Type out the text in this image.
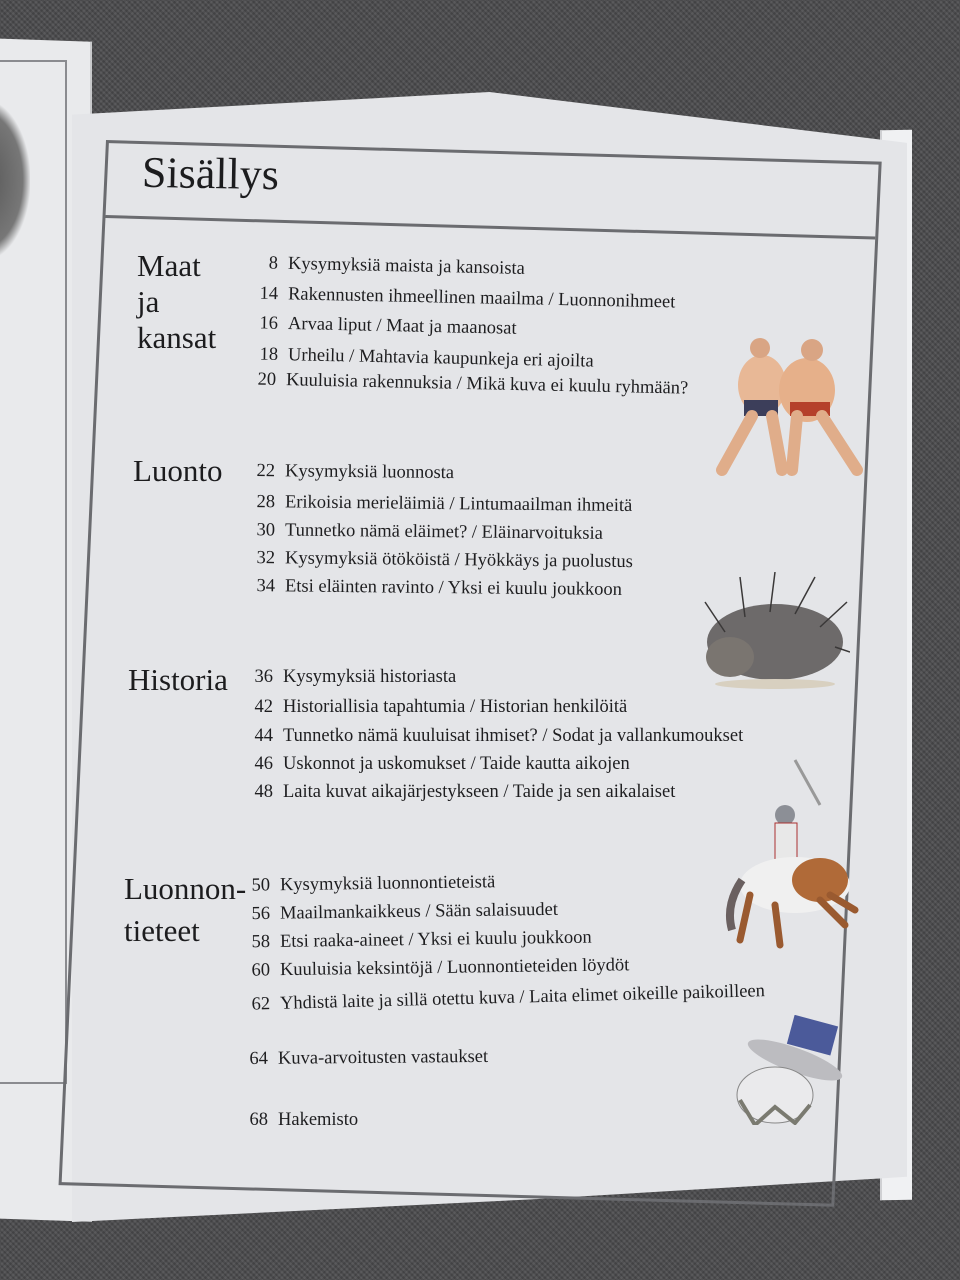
Sisällys
Maat
ja
kansat
8 Kysymyksiä maista ja kansoista
14 Rakennusten ihmeellinen maailma / Luonnonihmeet
16 Arvaa liput / Maat ja maanosat
18 Urheilu / Mahtavia kaupunkeja eri ajoilta
20 Kuuluisia rakennuksia / Mikä kuva ei kuulu ryhmään?
Luonto	22 Kysymyksiä luonnosta
28 Erikoisia merieläimiä / Lintumaailman ihmeitä
30 Tunnetko nämä eläimet? / Eläinarvoituksia
32 Kysymyksiä ötököistä / Hyökkäys ja puolustus
34 Etsi eläinten ravinto / Yksi ei kuulu joukkoon
Historia	36 Kysymyksiä historiasta
42 Historiallisia tapahtumia / Historian henkilöitä
44 Tunnetko nämä kuuluisat ihmiset? / Sodat ja vallankumoukset
46 Uskonnot ja uskomukset / Taide kautta aikojen
48 Laita kuvat aikajärjestykseen / Taide ja sen aikalaiset
Luonnon-
tieteet
50 Kysymyksiä luonnontieteistä
56 Maailmankaikkeus / Sään salaisuudet
58 Etsi raaka-aineet / Yksi ei kuulu joukkoon
60 Kuuluisia keksintöjä / Luonnontieteiden löydöt
62 Yhdistä laite ja sillä otettu kuva / Laita elimet oikeille paikoilleen
64 Kuva-arvoitusten vastaukset
68 Hakemisto
